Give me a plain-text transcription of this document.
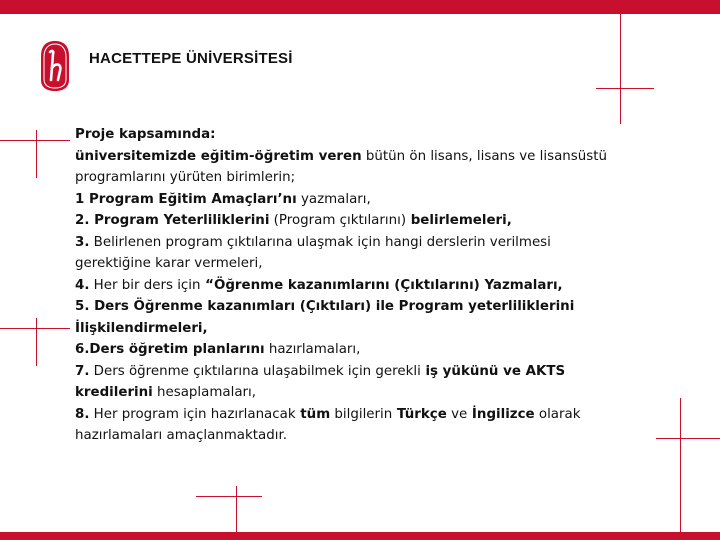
HACETTEPE ÜNİVERSİTESİ

Proje kapsamında:

üniversitemizde eğitim-öğretim veren bütün ön lisans, lisans ve lisansüstü

programlarını yürüten birimlerin;

1 Program Eğitim Amaçları’nı yazmaları,

2. Program Yeterliliklerini (Program çıktılarını) belirlemeleri,

3. Belirlenen program çıktılarına ulaşmak için hangi derslerin verilmesi

gerektiğine karar vermeleri,

4. Her bir ders için “Öğrenme kazanımlarını (Çıktılarını) Yazmaları,

5. Ders Öğrenme kazanımları (Çıktıları) ile Program yeterliliklerini

İlişkilendirmeleri,

6.Ders öğretim planlarını hazırlamaları,

7. Ders öğrenme çıktılarına ulaşabilmek için gerekli iş yükünü ve AKTS

kredilerini hesaplamaları,

8. Her program için hazırlanacak tüm bilgilerin Türkçe ve İngilizce olarak

hazırlamaları amaçlanmaktadır.
